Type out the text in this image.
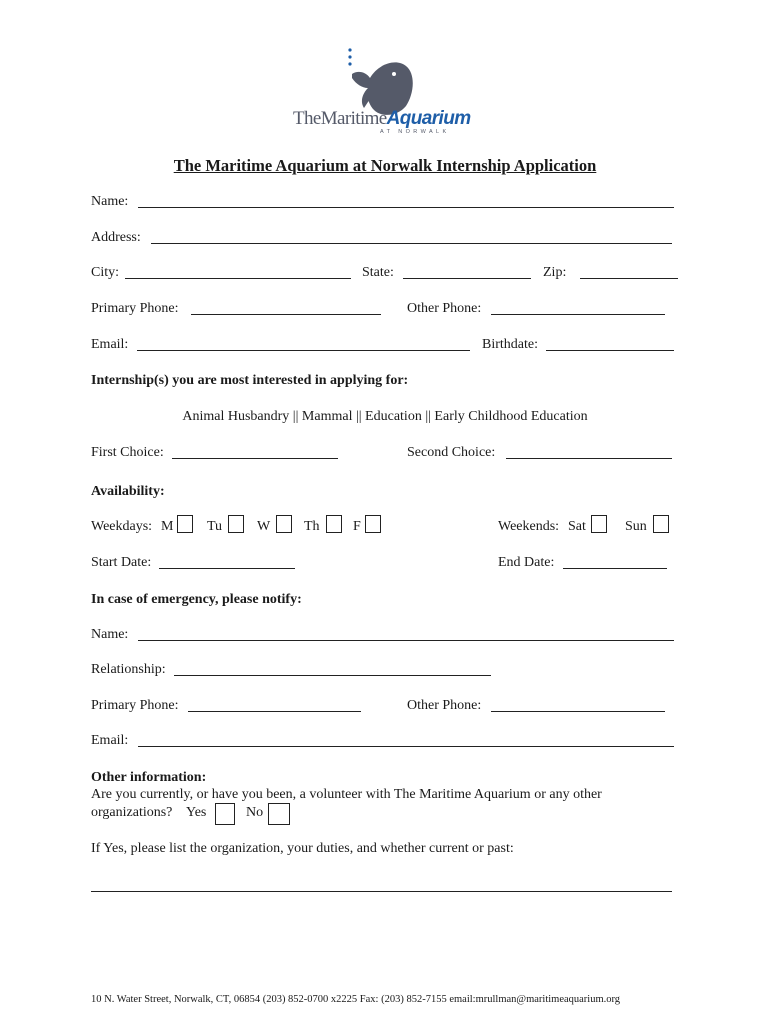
TheMaritimeAquarium
AT NORWALK
The Maritime Aquarium at Norwalk Internship Application
Name:
Address:
City:	State:	Zip:
Primary Phone:	Other Phone:
Email:	Birthdate:
Internship(s) you are most interested in applying for:
Animal Husbandry || Mammal || Education || Early Childhood Education
First Choice:	Second Choice:
Availability:
Weekdays: M Tu W Th F	Weekends: Sat	Sun
Start Date:	End Date:
In case of emergency, please notify:
Name:
Relationship:
Primary Phone:	Other Phone:
Email:
Other information:
Are you currently, or have you been, a volunteer with The Maritime Aquarium or any other
organizations? Yes	No
If Yes, please list the organization, your duties, and whether current or past:
10 N. Water Street, Norwalk, CT, 06854 (203) 852-0700 x2225 Fax: (203) 852-7155 email:mrullman@maritimeaquarium.org
